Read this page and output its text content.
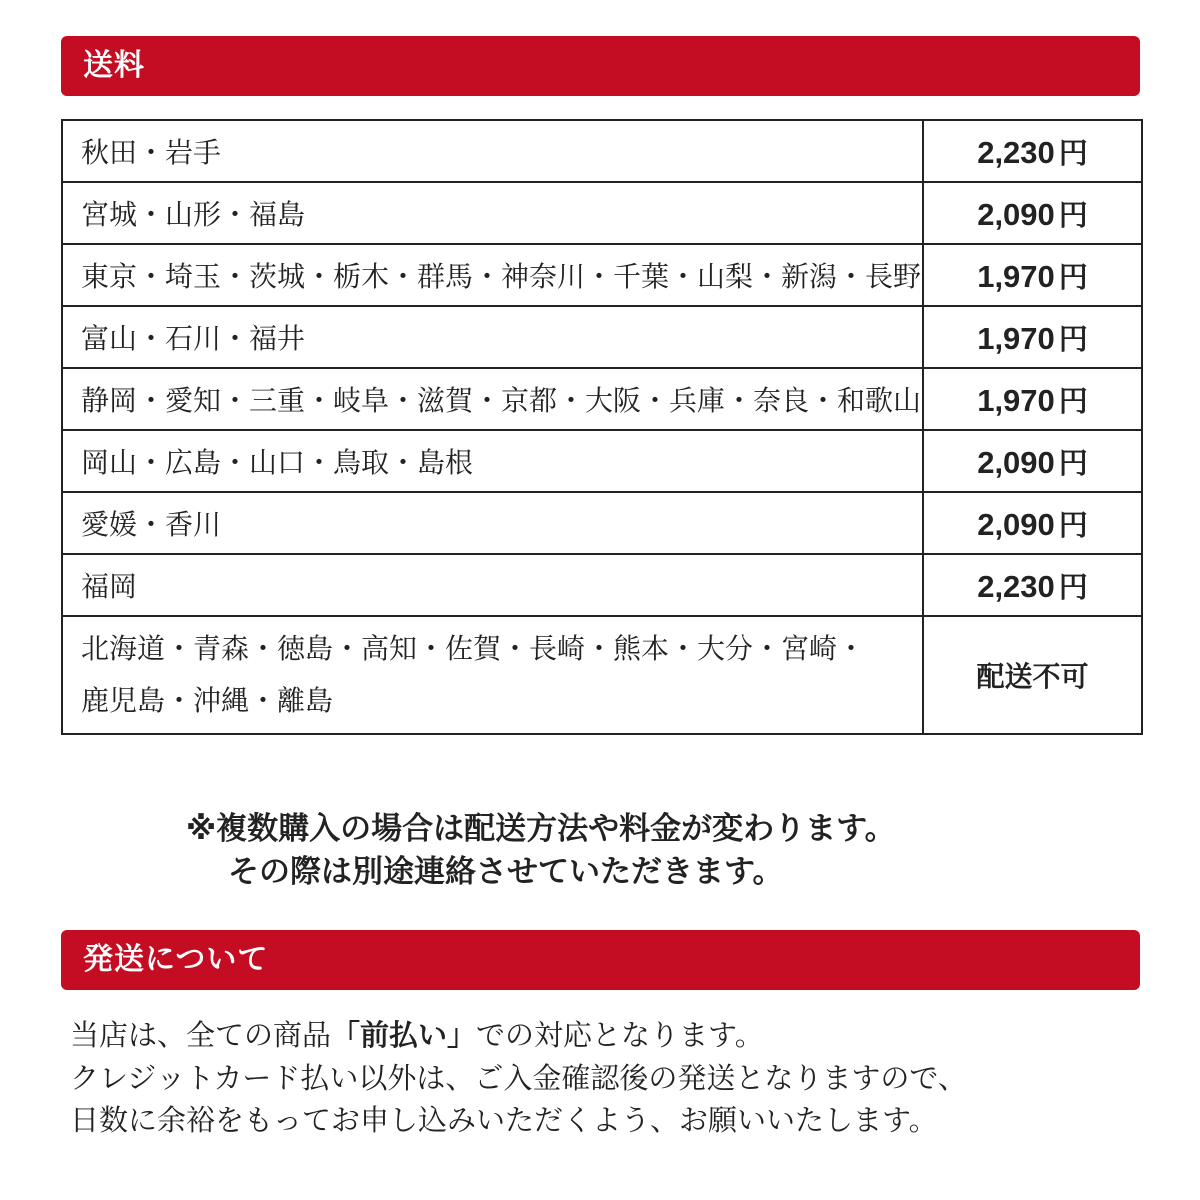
送料
秋田・岩手	2,230 円
宮城・山形・福島	2,090 円
東京・埼玉・茨城・栃木・群馬・神奈川・千葉・山梨・新潟・長野	1,970 円
富山・石川・福井	1,970 円
静岡・愛知・三重・岐阜・滋賀・京都・大阪・兵庫・奈良・和歌山	1,970 円
岡山・広島・山口・鳥取・島根	2,090 円
愛媛・香川	2,090 円
福岡	2,230 円
北海道・青森・徳島・高知・佐賀・長崎・熊本・大分・宮崎・
鹿児島・沖縄・離島	配送不可
※複数購入の場合は配送方法や料金が変わります。
その際は別途連絡させていただきます。
発送について
当店は、全ての商品「前払い」での対応となります。
クレジットカード払い以外は、ご入金確認後の発送となりますので、
日数に余裕をもってお申し込みいただくよう、お願いいたします。
